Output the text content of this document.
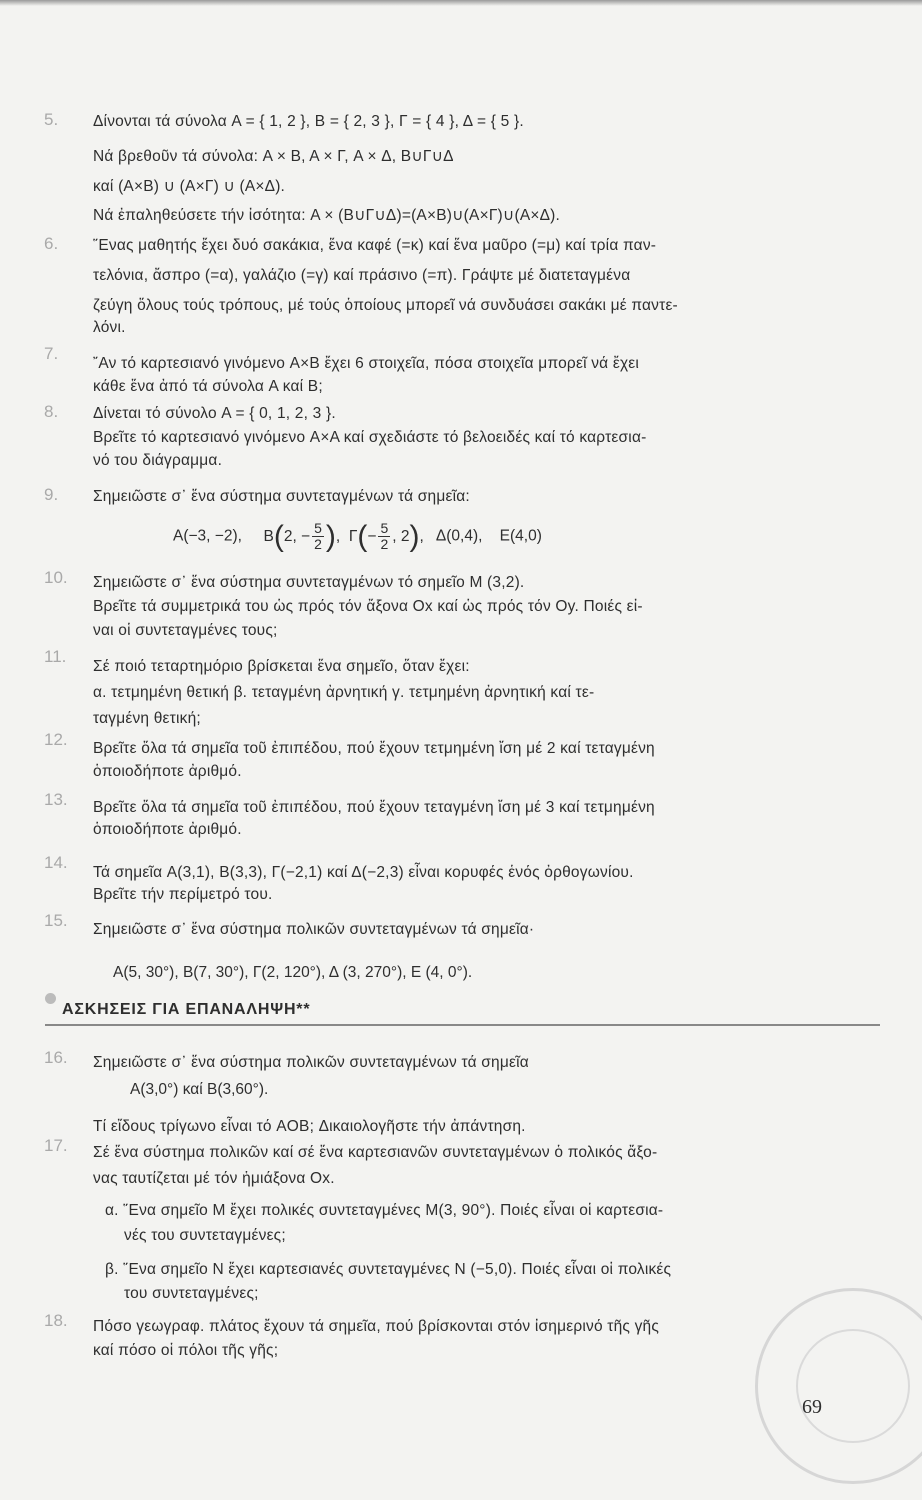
5. Δίνονται τά σύνολα A = { 1, 2 }, B = { 2, 3 }, Γ = { 4 }, Δ = { 5 }.
Νά βρεθοῦν τά σύνολα: A × B, A × Γ, A × Δ, B∪Γ∪Δ
καί (A×B) ∪ (A×Γ) ∪ (A×Δ).
Νά ἐπαληθεύσετε τήν ἰσότητα: A × (B∪Γ∪Δ)=(A×B)∪(A×Γ)∪(A×Δ).
6. ῞Ενας μαθητής ἔχει δυό σακάκια, ἕνα καφέ (=κ) καί ἕνα μαῦρο (=μ) καί τρία παν-
τελόνια, ἄσπρο (=α), γαλάζιο (=γ) καί πράσινο (=π). Γράψτε μέ διατεταγμένα
ζεύγη ὅλους τούς τρόπους, μέ τούς ὁποίους μπορεῖ νά συνδυάσει σακάκι μέ παντε-
λόνι.
7.
῎Αν τό καρτεσιανό γινόμενο A×B ἔχει 6 στοιχεῖα, πόσα στοιχεῖα μπορεῖ νά ἔχει
κάθε ἕνα ἀπό τά σύνολα A καί B;
8. Δίνεται τό σύνολο A = { 0, 1, 2, 3 }.
Βρεῖτε τό καρτεσιανό γινόμενο A×A καί σχεδιάστε τό βελοειδές καί τό καρτεσια-
νό του διάγραμμα.
9. Σημειῶστε σ᾽ ἕνα σύστημα συντεταγμένων τά σημεῖα:
A(−3, −2), B(2, − $\frac{5}{2}$ ), $\Gamma(- \frac{5}{2}$ , 2), Δ(0,4), E(4,0)
10. Σημειῶστε σ᾽ ἕνα σύστημα συντεταγμένων τό σημεῖο M (3,2).
Βρεῖτε τά συμμετρικά του ὡς πρός τόν ἄξονα Ox καί ὡς πρός τόν Oy. Ποιές εἰ-
ναι οἱ συντεταγμένες τους;
11.
Σέ ποιό τεταρτημόριο βρίσκεται ἕνα σημεῖο, ὅταν ἔχει:
α. τετμημένη θετική β. τεταγμένη ἀρνητική γ. τετμημένη ἀρνητική καί τε-
ταγμένη θετική;
12. Βρεῖτε ὅλα τά σημεῖα τοῦ ἐπιπέδου, πού ἔχουν τετμημένη ἴση μέ 2 καί τεταγμένη
ὁποιοδήποτε ἀριθμό.
13. Βρεῖτε ὅλα τά σημεῖα τοῦ ἐπιπέδου, πού ἔχουν τεταγμένη ἴση μέ 3 καί τετμημένη
ὁποιοδήποτε ἀριθμό.
14.
Τά σημεῖα A(3,1), B(3,3), Γ(−2,1) καί Δ(−2,3) εἶναι κορυφές ἑνός ὀρθογωνίου.
Βρεῖτε τήν περίμετρό του.
15. Σημειῶστε σ᾽ ἕνα σύστημα πολικῶν συντεταγμένων τά σημεῖα·
A(5, 30°), B(7, 30°), Γ(2, 120°), Δ (3, 270°), E (4, 0°).
ΑΣΚΗΣΕΙΣ ΓΙΑ ΕΠΑΝΑΛΗΨΗ**
16. Σημειῶστε σ᾽ ἕνα σύστημα πολικῶν συντεταγμένων τά σημεῖα
A(3,0°) καί B(3,60°).
Τί εἴδους τρίγωνο εἶναι τό AOB; Δικαιολογῆστε τήν ἀπάντηση.
17. Σέ ἕνα σύστημα πολικῶν καί σέ ἕνα καρτεσιανῶν συντεταγμένων ὁ πολικός ἄξο-
νας ταυτίζεται μέ τόν ἡμιάξονα Ox.
α. ῞Ενα σημεῖο M ἔχει πολικές συντεταγμένες M(3, 90°). Ποιές εἶναι οἱ καρτεσια-
νές του συντεταγμένες;
β. ῞Ενα σημεῖο N ἔχει καρτεσιανές συντεταγμένες N (−5,0). Ποιές εἶναι οἱ πολικές
του συντεταγμένες;
18. Πόσο γεωγραφ. πλάτος ἔχουν τά σημεῖα, πού βρίσκονται στόν ἰσημερινό τῆς γῆς
καί πόσο οἱ πόλοι τῆς γῆς;
69
